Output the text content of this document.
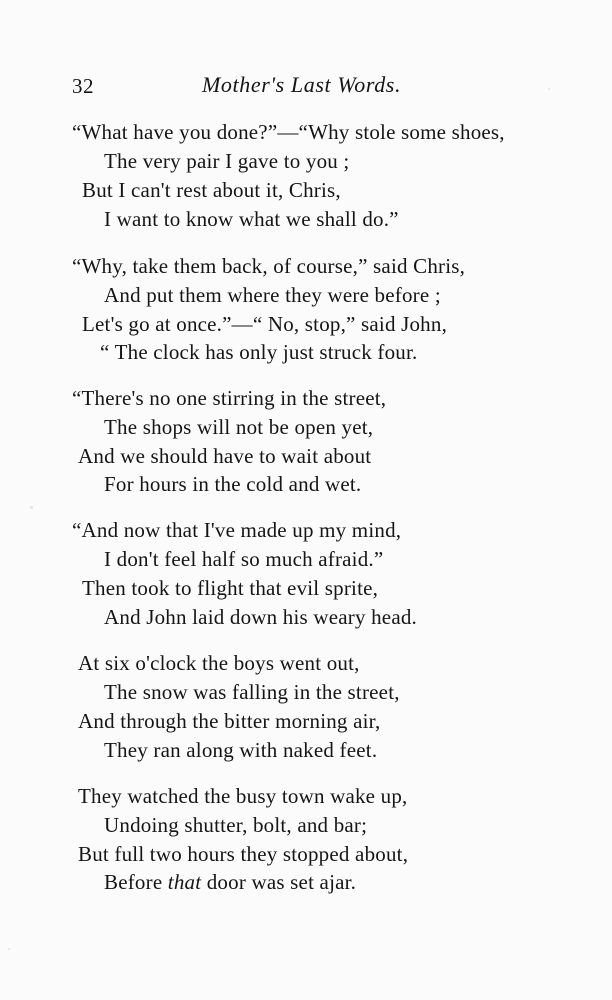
32	Mother's Last Words.
“What have you done?”—“Why stole some shoes,
The very pair I gave to you ;
But I can't rest about it, Chris,
I want to know what we shall do.”
“Why, take them back, of course,” said Chris,
And put them where they were before ;
Let's go at once.”—“ No, stop,” said John,
“ The clock has only just struck four.
“There's no one stirring in the street,
The shops will not be open yet,
And we should have to wait about
For hours in the cold and wet.
“And now that I've made up my mind,
I don't feel half so much afraid.”
Then took to flight that evil sprite,
And John laid down his weary head.
At six o'clock the boys went out,
The snow was falling in the street,
And through the bitter morning air,
They ran along with naked feet.
They watched the busy town wake up,
Undoing shutter, bolt, and bar;
But full two hours they stopped about,
Before that door was set ajar.
